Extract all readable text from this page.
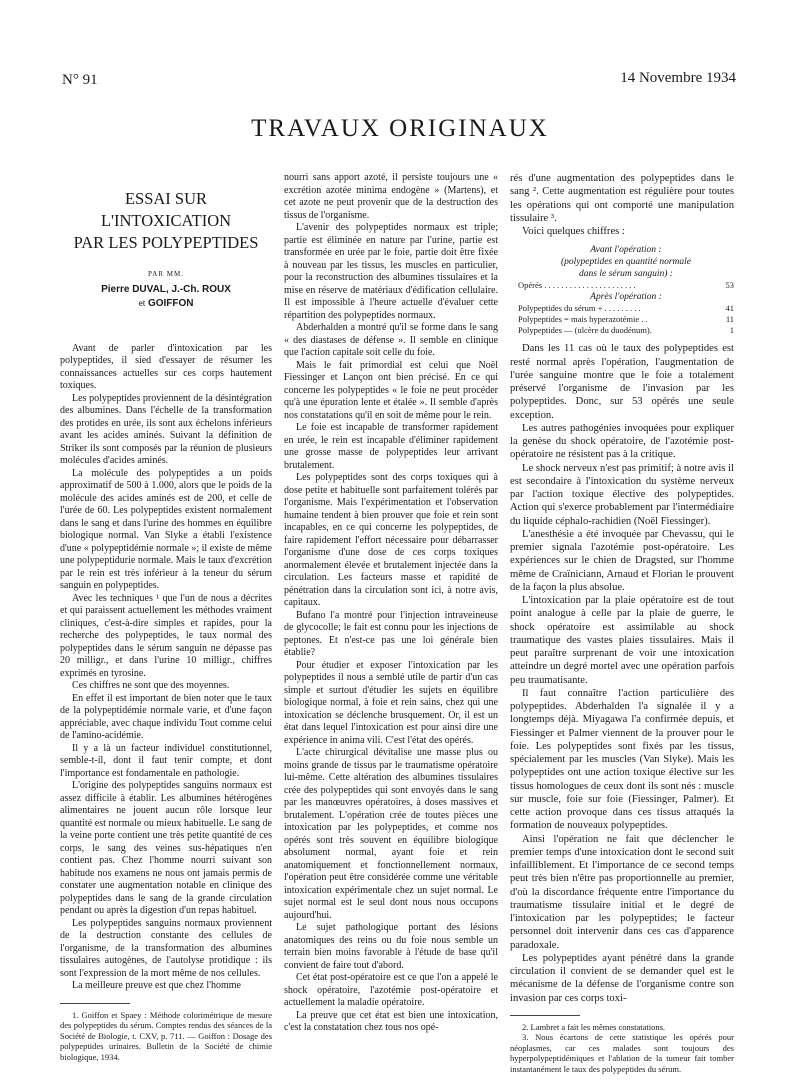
N° 91	14 Novembre 1934
TRAVAUX ORIGINAUX
ESSAI SUR L'INTOXICATION
PAR LES POLYPEPTIDES
PAR MM.
Pierre DUVAL, J.-Ch. ROUX
et GOIFFON

Avant de parler d'intoxication par les polypeptides, il sied d'essayer de résumer les connaissances actuelles sur ces corps hautement toxiques.

Les polypeptides proviennent de la désintégration des albumines. Dans l'échelle de la transformation des protides en urée, ils sont aux échelons inférieurs avant les acides aminés. Suivant la définition de Striker ils sont composés par la réunion de plusieurs molécules d'acides aminés.

La molécule des polypeptides a un poids approximatif de 500 à 1.000, alors que le poids de la molécule des acides aminés est de 200, et celle de l'urée de 60. Les polypeptides existent normalement dans le sang et dans l'urine des hommes en équilibre biologique normal. Van Slyke a établi l'existence d'une « polypeptidémie normale »; il existe de même une polypeptidurie normale. Mais le taux d'excrétion par le rein est très inférieur à la teneur du sérum sanguin en polypeptides.

Avec les techniques ¹ que l'un de nous a décrites et qui paraissent actuellement les méthodes vraiment cliniques, c'est-à-dire simples et rapides, pour la recherche des polypeptides, le taux normal des polypeptides dans le sérum sanguin ne dépasse pas 20 milligr., et dans l'urine 10 milligr., chiffres exprimés en tyrosine.

Ces chiffres ne sont que des moyennes.

En effet il est important de bien noter que le taux de la polypeptidémie normale varie, et d'une façon appréciable, avec chaque individu Tout comme celui de l'amino-acidémie.

Il y a là un facteur individuel constitutionnel, semble-t-il, dont il faut tenir compte, et dont l'importance est fondamentale en pathologie.

L'origine des polypeptides sanguins normaux est assez difficile à établir. Les albumines hétérogènes alimentaires ne jouent aucun rôle lorsque leur quantité est normale ou mieux habituelle. Le sang de la veine porte contient une très petite quantité de ces corps, le sang des veines sus-hépatiques n'en contient pas. Chez l'homme nourri suivant son habitude nos examens ne nous ont jamais permis de constater une augmentation notable en clinique des polypeptides dans le sang de la grande circulation pendant ou après la digestion d'un repas habituel.

Les polypeptides sanguins normaux proviennent de la destruction constante des cellules de l'organisme, de la transformation des albumines tissulaires autogènes, de l'autolyse protidique : ils sont l'expression de la mort même de nos cellules.

La meilleure preuve est que chez l'homme

1. Goiffon et Spaey : Méthode colorimétrique de mesure des polypeptides du sérum. Comptes rendus des séances de la Société de Biologie, t. CXV, p. 711. — Goiffon : Dosage des polypeptides urinaires. Bulletin de la Société de chimie biologique, 1934.

nourri sans apport azoté, il persiste toujours une « excrétion azotée minima endogène » (Martens), et cet azote ne peut provenir que de la destruction des tissus de l'organisme.

L'avenir des polypeptides normaux est triple; partie est éliminée en nature par l'urine, partie est transformée en urée par le foie, partie doit être fixée à nouveau par les tissus, les muscles en particulier, pour la reconstruction des albumines tissulaires et la mise en réserve de matériaux d'édification cellulaire. Il est impossible à l'heure actuelle d'évaluer cette répartition des polypeptides normaux.

Abderhalden a montré qu'il se forme dans le sang « des diastases de défense ». Il semble en clinique que l'action capitale soit celle du foie.

Mais le fait primordial est celui que Noël Fiessinger et Lançon ont bien précisé. En ce qui concerne les polypeptides « le foie ne peut procéder qu'à une épuration lente et étalée ». Il semble d'après nos constatations qu'il en soit de même pour le rein.

Le foie est incapable de transformer rapidement en urée, le rein est incapable d'éliminer rapidement une grosse masse de polypeptides leur arrivant brutalement.

Les polypeptides sont des corps toxiques qui à dose petite et habituelle sont parfaitement tolérés par l'organisme. Mais l'expérimentation et l'observation humaine tendent à bien prouver que foie et rein sont incapables, en ce qui concerne les polypeptides, de faire rapidement l'effort nécessaire pour débarrasser l'organisme d'une dose de ces corps toxiques anormalement élevée et brutalement injectée dans la circulation. Les facteurs masse et rapidité de pénétration dans la circulation sont ici, à notre avis, capitaux.

Bufano l'a montré pour l'injection intraveineuse de glycocolle; le fait est connu pour les injections de peptones. Et n'est-ce pas une loi générale bien établie?

Pour étudier et exposer l'intoxication par les polypeptides il nous a semblé utile de partir d'un cas simple et surtout d'étudier les sujets en équilibre biologique normal, à foie et rein sains, chez qui une intoxication se déclenche brusquement. Or, il est un état dans lequel l'intoxication est pour ainsi dire une expérience in anima vili. C'est l'état des opérés.

L'acte chirurgical dévitalise une masse plus ou moins grande de tissus par le traumatisme opératoire lui-même. Cette altération des albumines tissulaires crée des polypeptides qui sont envoyés dans le sang par les manœuvres opératoires, à doses massives et brutalement. L'opération crée de toutes pièces une intoxication par les polypeptides, et comme nos opérés sont très souvent en équilibre biologique absolument normal, ayant foie et rein anatomiquement et fonctionnellement normaux, l'opération peut être considérée comme une véritable intoxication expérimentale chez un sujet normal. Le sujet normal est le seul dont nous nous occupons aujourd'hui.

Le sujet pathologique portant des lésions anatomiques des reins ou du foie nous semble un terrain bien moins favorable à l'étude de base qu'il convient de faire tout d'abord.

Cet état post-opératoire est ce que l'on a appelé le shock opératoire, l'azotémie post-opératoire et actuellement la maladie opératoire.

La preuve que cet état est bien une intoxication, c'est la constatation chez tous nos opé-

rés d'une augmentation des polypeptides dans le sang ². Cette augmentation est régulière pour toutes les opérations qui ont comporté une manipulation tissulaire ³.

Voici quelques chiffres :

Avant l'opération :
(polypeptides en quantité normale
dans le sérum sanguin) :
Opérés . . . . . . . . . . . . . . . . . . . . . .	53
Après l'opération :
Polypeptides du sérum + . . . . . . . . .	41
Polypeptides = mais hyperazotémie . .	11
Polypeptides — (ulcère du duodénum).	1

Dans les 11 cas où le taux des polypeptides est resté normal après l'opération, l'augmentation de l'urée sanguine montre que le foie a totalement préservé l'organisme de l'invasion par les polypeptides. Donc, sur 53 opérés une seule exception.

Les autres pathogénies invoquées pour expliquer la genèse du shock opératoire, de l'azotémie post-opératoire ne résistent pas à la critique.

Le shock nerveux n'est pas primitif; à notre avis il est secondaire à l'intoxication du système nerveux par l'action toxique élective des polypeptides. Action qui s'exerce probablement par l'intermédiaire du liquide céphalo-rachidien (Noël Fiessinger).

L'anesthésie a été invoquée par Chevassu, qui le premier signala l'azotémie post-opératoire. Les expériences sur le chien de Dragsted, sur l'homme même de Craïniciann, Arnaud et Florian le prouvent de la façon la plus absolue.

L'intoxication par la plaie opératoire est de tout point analogue à celle par la plaie de guerre, le shock opératoire est assimilable au shock traumatique des vastes plaies tissulaires. Mais il peut paraître surprenant de voir une intoxication atteindre un degré mortel avec une opération parfois peu traumatisante.

Il faut connaître l'action particulière des polypeptides. Abderhalden l'a signalée il y a longtemps déjà. Miyagawa l'a confirmée depuis, et Fiessinger et Palmer viennent de la prouver pour le foie. Les polypeptides sont fixés par les tissus, spécialement par les muscles (Van Slyke). Mais les polypeptides ont une action toxique élective sur les tissus homologues de ceux dont ils sont nés : muscle sur muscle, foie sur foie (Fiessinger, Palmer). Et cette action provoque dans ces tissus attaqués la formation de nouveaux polypeptides.

Ainsi l'opération ne fait que déclencher le premier temps d'une intoxication dont le second suit infailliblement. Et l'importance de ce second temps peut très bien n'être pas proportionnelle au premier, d'où la discordance fréquente entre l'importance du traumatisme tissulaire initial et le degré de l'intoxication par les polypeptides; le facteur personnel doit intervenir dans ces cas d'apparence paradoxale.

Les polypeptides ayant pénétré dans la grande circulation il convient de se demander quel est le mécanisme de la défense de l'organisme contre son invasion par ces corps toxi-

2. Lambret a fait les mêmes constatations.

3. Nous écartons de cette statistique les opérés pour néoplasmes, car ces malades sont toujours des hyperpolypeptidémiques et l'ablation de la tumeur fait tomber instantanément le taux des polypeptides du sérum.
